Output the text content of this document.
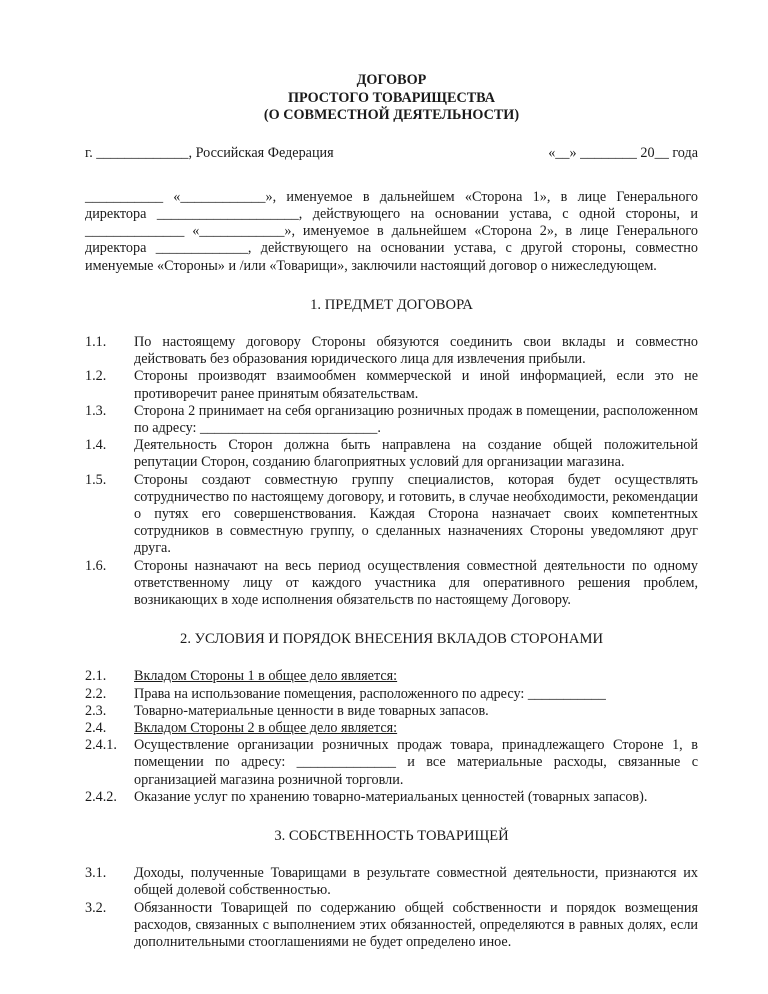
ДОГОВОР
ПРОСТОГО ТОВАРИЩЕСТВА
(О СОВМЕСТНОЙ ДЕЯТЕЛЬНОСТИ)
г. _____________, Российская Федерация	«__» ________ 20__ года
___________ «____________», именуемое в дальнейшем «Сторона 1», в лице Генерального директора ____________________, действующего на основании устава, с одной стороны, и ______________ «____________», именуемое в дальнейшем «Сторона 2», в лице Генерального директора _____________, действующего на основании устава, с другой стороны, совместно именуемые «Стороны» и /или «Товарищи», заключили настоящий договор о нижеследующем.
1. ПРЕДМЕТ ДОГОВОРА
1.1.	По настоящему договору Стороны обязуются соединить свои вклады и совместно действовать без образования юридического лица для извлечения прибыли.
1.2.	Стороны производят взаимообмен коммерческой и иной информацией, если это не противоречит ранее принятым обязательствам.
1.3.	Сторона 2 принимает на себя организацию розничных продаж в помещении, расположенном по адресу: _________________________.
1.4.	Деятельность Сторон должна быть направлена на создание общей положительной репутации Сторон, созданию благоприятных условий для организации магазина.
1.5.	Стороны создают совместную группу специалистов, которая будет осуществлять сотрудничество по настоящему договору, и готовить, в случае необходимости, рекомендации о путях его совершенствования. Каждая Сторона назначает своих компетентных сотрудников в совместную группу, о сделанных назначениях Стороны уведомляют друг друга.
1.6.	Стороны назначают на весь период осуществления совместной деятельности по одному ответственному лицу от каждого участника для оперативного решения проблем, возникающих в ходе исполнения обязательств по настоящему Договору.
2. УСЛОВИЯ И ПОРЯДОК ВНЕСЕНИЯ ВКЛАДОВ СТОРОНАМИ
2.1.	Вкладом Стороны 1 в общее дело является:
2.2.	Права на использование помещения, расположенного по адресу: ___________
2.3.	Товарно-материальные ценности в виде товарных запасов.
2.4.	Вкладом Стороны 2 в общее дело является:
2.4.1.	Осуществление организации розничных продаж товара, принадлежащего Стороне 1, в помещении по адресу: ______________ и все материальные расходы, связанные с организацией магазина розничной торговли.
2.4.2.	Оказание услуг по хранению товарно-материальаных ценностей (товарных запасов).
3. СОБСТВЕННОСТЬ ТОВАРИЩЕЙ
3.1.	Доходы, полученные Товарищами в результате совместной деятельности, признаются их общей долевой собственностью.
3.2.	Обязанности Товарищей по содержанию общей собственности и порядок возмещения расходов, связанных с выполнением этих обязанностей, определяются в равных долях, если дополнительными стооглашениями не будет определено иное.
